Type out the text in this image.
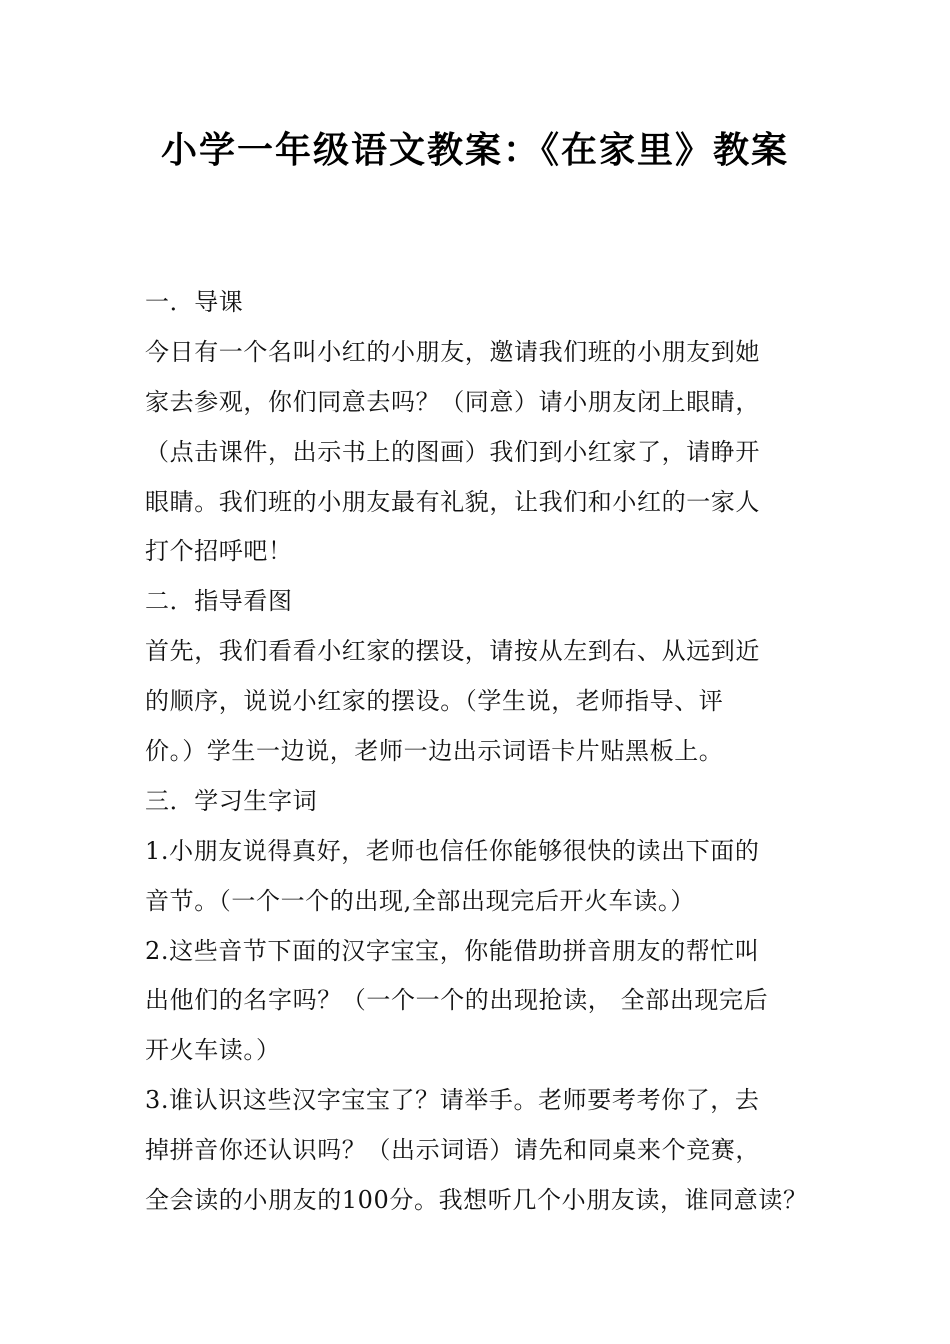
小学一年级语文教案：《在家里》教案
一．导课
今日有一个名叫小红的小朋友，邀请我们班的小朋友到她
家去参观，你们同意去吗？（同意）请小朋友闭上眼睛，
（点击课件，出示书上的图画）我们到小红家了，请睁开
眼睛。我们班的小朋友最有礼貌，让我们和小红的一家人
打个招呼吧！
二．指导看图
首先，我们看看小红家的摆设，请按从左到右、从远到近
的顺序，说说小红家的摆设。（学生说，老师指导、评
价。）学生一边说，老师一边出示词语卡片贴黑板上。
三．学习生字词
1.小朋友说得真好，老师也信任你能够很快的读出下面的
音节。（一个一个的出现,全部出现完后开火车读。）
2.这些音节下面的汉字宝宝，你能借助拼音朋友的帮忙叫
出他们的名字吗？（一个一个的出现抢读， 全部出现完后
开火车读。）
3.谁认识这些汉字宝宝了？请举手。老师要考考你了，去
掉拼音你还认识吗？（出示词语）请先和同桌来个竞赛，
全会读的小朋友的100分。我想听几个小朋友读，谁同意读？
